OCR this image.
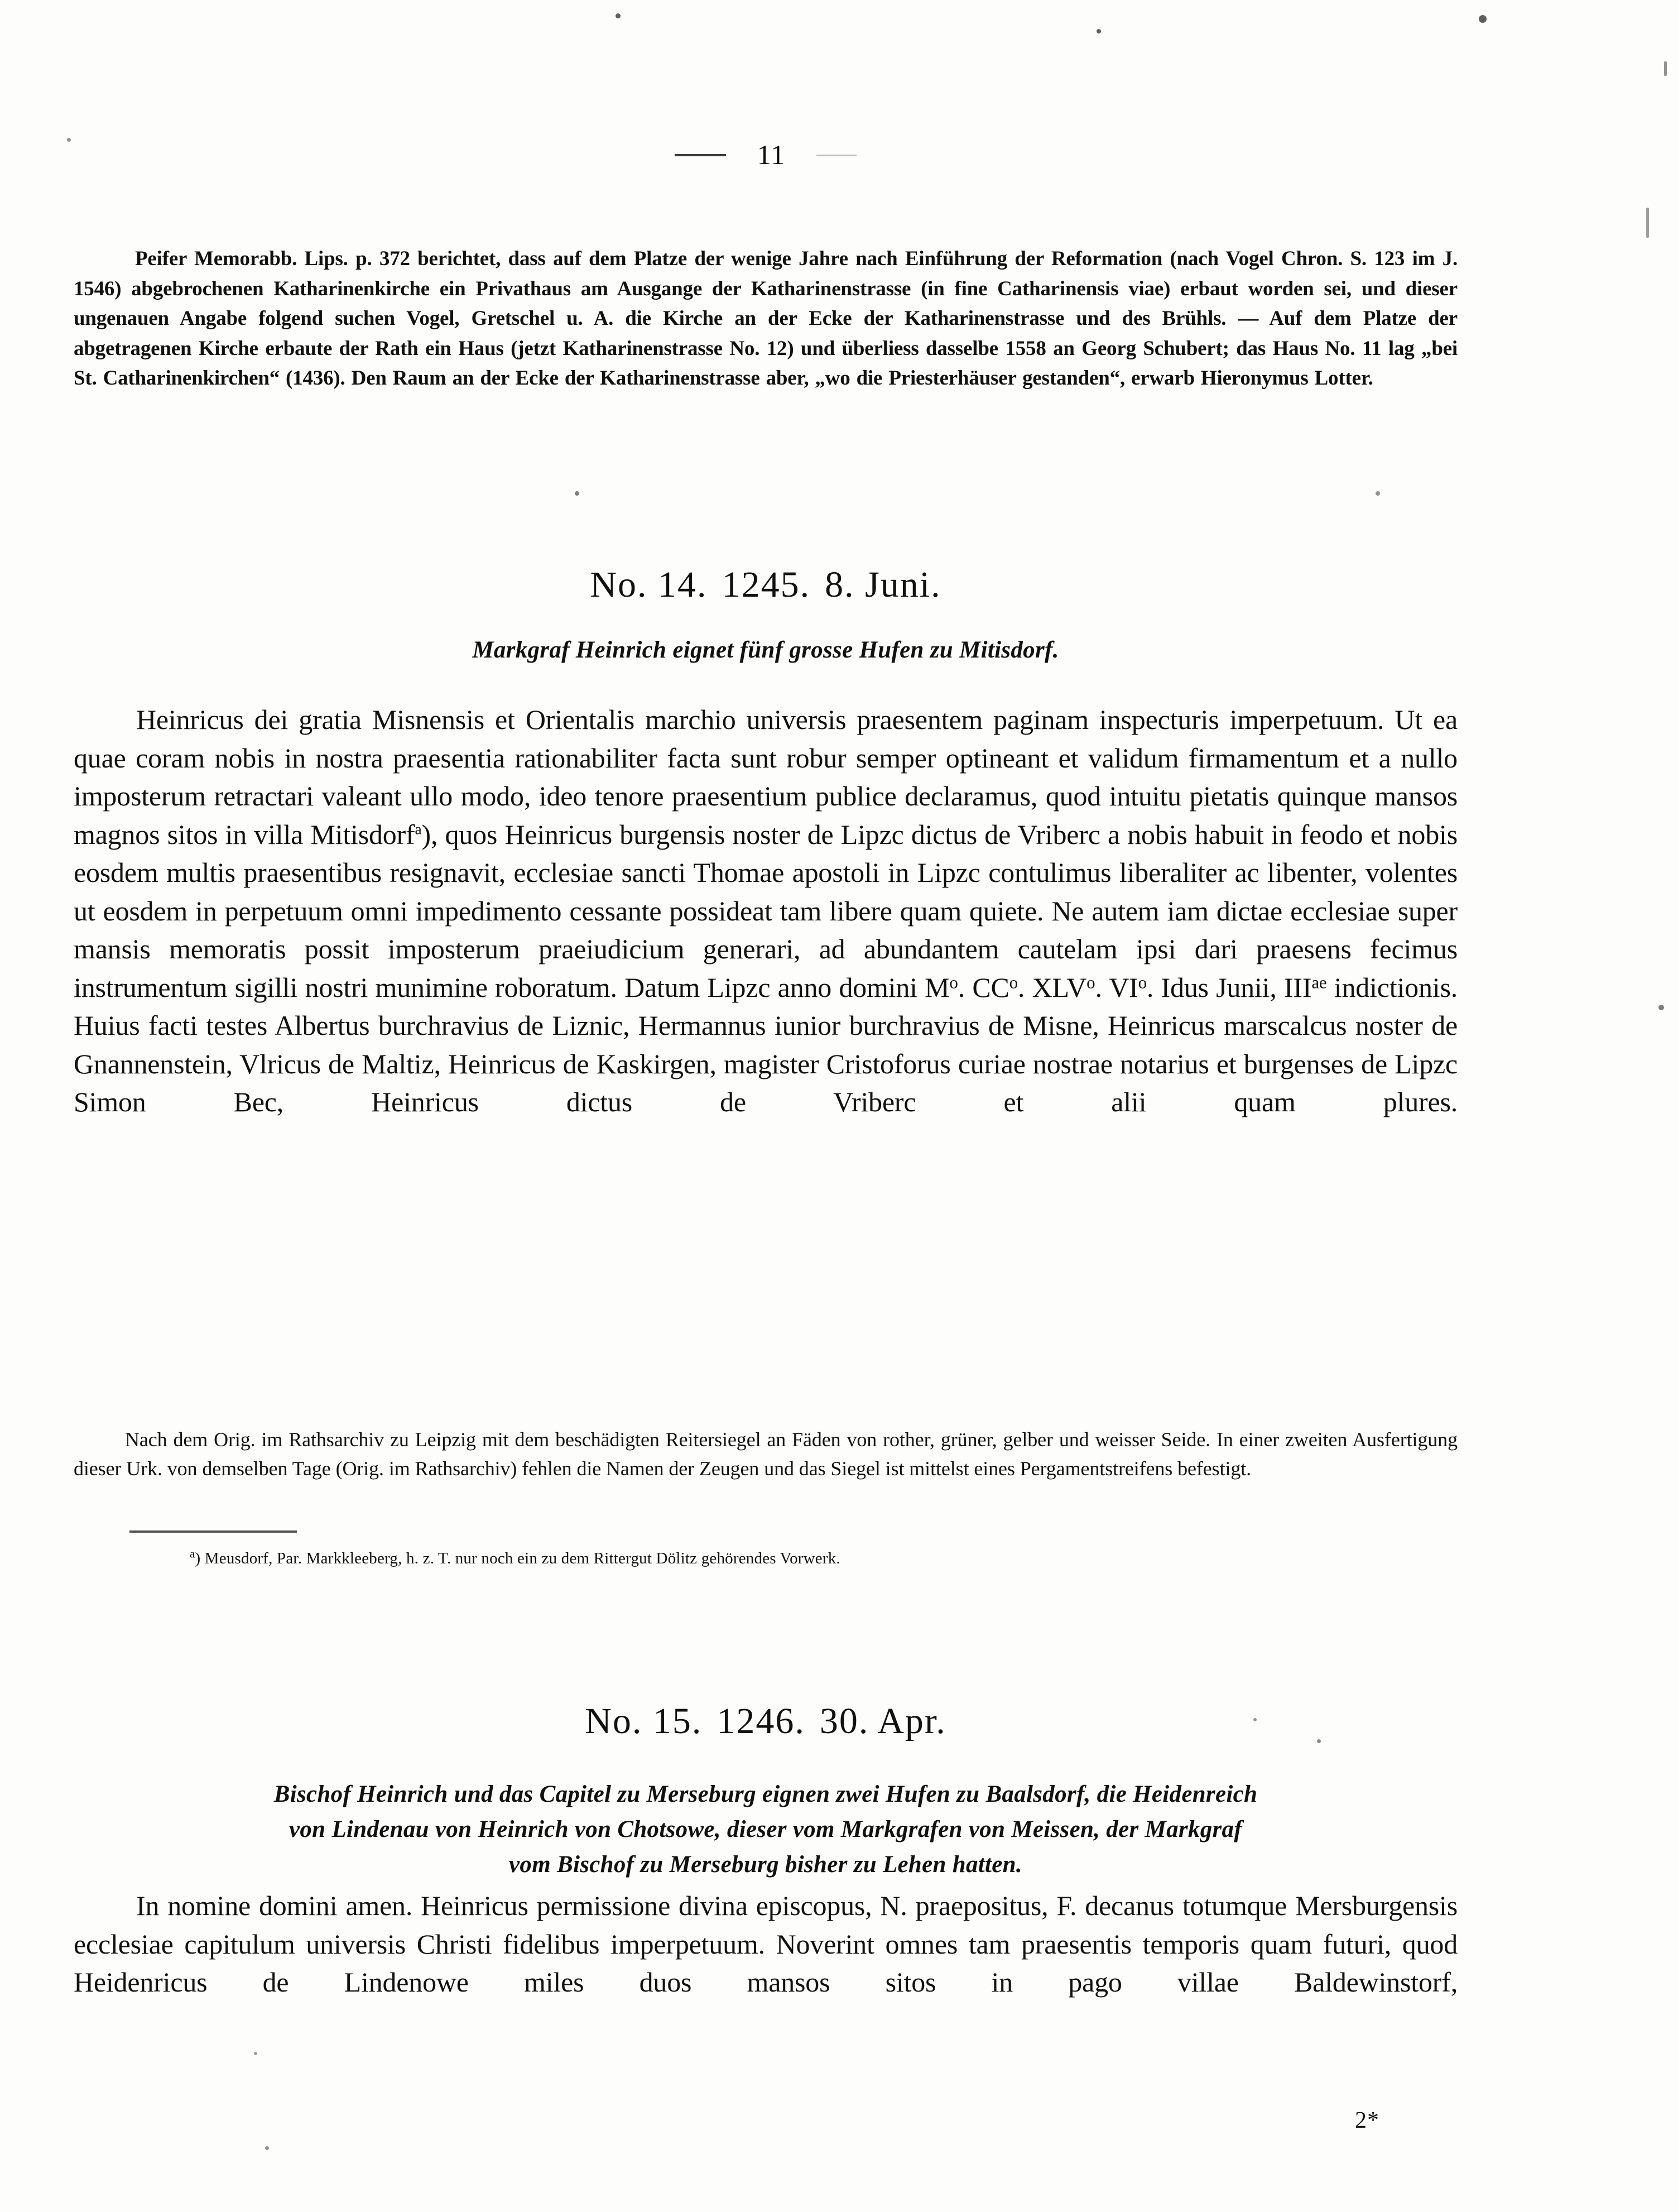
11

Peifer Memorabb. Lips. p. 372 berichtet, dass auf dem Platze der wenige Jahre nach Einführung der Reformation (nach Vogel Chron. S. 123 im J. 1546) abgebrochenen Katharinenkirche ein Privathaus am Ausgange der Katharinenstrasse (in fine Catharinensis viae) erbaut worden sei, und dieser ungenauen Angabe folgend suchen Vogel, Gretschel u. A. die Kirche an der Ecke der Katharinenstrasse und des Brühls. — Auf dem Platze der abgetragenen Kirche erbaute der Rath ein Haus (jetzt Katharinenstrasse No. 12) und überliess dasselbe 1558 an Georg Schubert; das Haus No. 11 lag „bei St. Catharinenkirchen“ (1436). Den Raum an der Ecke der Katharinenstrasse aber, „wo die Priesterhäuser gestanden“, erwarb Hieronymus Lotter.

No. 14. 1245. 8. Juni.
Markgraf Heinrich eignet fünf grosse Hufen zu Mitisdorf.
Heinricus dei gratia Misnensis et Orientalis marchio universis praesentem paginam inspecturis imperpetuum. Ut ea quae coram nobis in nostra praesentia rationabiliter facta sunt robur semper optineant et validum firmamentum et a nullo imposterum retractari valeant ullo modo, ideo tenore praesentium publice declaramus, quod intuitu pietatis quinque mansos magnos sitos in villa Mitisdorf$^a$), quos Heinricus burgensis noster de Lipzc dictus de Vriberc a nobis habuit in feodo et nobis eosdem multis praesentibus resignavit, ecclesiae sancti Thomae apostoli in Lipzc contulimus liberaliter ac libenter, volentes ut eosdem in perpetuum omni impedimento cessante possideat tam libere quam quiete. Ne autem iam dictae ecclesiae super mansis memoratis possit imposterum praeiudicium generari, ad abundantem cautelam ipsi dari praesens fecimus instrumentum sigilli nostri munimine roboratum. Datum Lipzc anno domini $M^o$. $CC^o$. XLV$^o$. $VI^o$. Idus Junii, $III^{ae}$ indictionis. Huius facti testes Albertus burchravius de Liznic, Hermannus iunior burchravius de Misne, Heinricus marscalcus noster de Gnannenstein, Vlricus de Maltiz, Heinricus de Kaskirgen, magister Cristoforus curiae nostrae notarius et burgenses de Lipzc Simon Bec, Heinricus dictus de Vriberc et alii quam plures.
Nach dem Orig. im Rathsarchiv zu Leipzig mit dem beschädigten Reitersiegel an Fäden von rother, grüner, gelber und weisser Seide. In einer zweiten Ausfertigung dieser Urk. von demselben Tage (Orig. im Rathsarchiv) fehlen die Namen der Zeugen und das Siegel ist mittelst eines Pergamentstreifens befestigt.
$^a$) Meusdorf, Par. Markkleeberg, h. z. T. nur noch ein zu dem Rittergut Dölitz gehörendes Vorwerk.
No. 15. 1246. 30. Apr.
Bischof Heinrich und das Capitel zu Merseburg eignen zwei Hufen zu Baalsdorf, die Heidenreich
von Lindenau von Heinrich von Chotsowe, dieser vom Markgrafen von Meissen, der Markgraf
vom Bischof zu Merseburg bisher zu Lehen hatten.
In nomine domini amen. Heinricus permissione divina episcopus, N. praepositus, F. decanus totumque Mersburgensis ecclesiae capitulum universis Christi fidelibus imperpetuum. Noverint omnes tam praesentis temporis quam futuri, quod Heidenricus de Lindenowe miles duos mansos sitos in pago villae Baldewinstorf,
2*
